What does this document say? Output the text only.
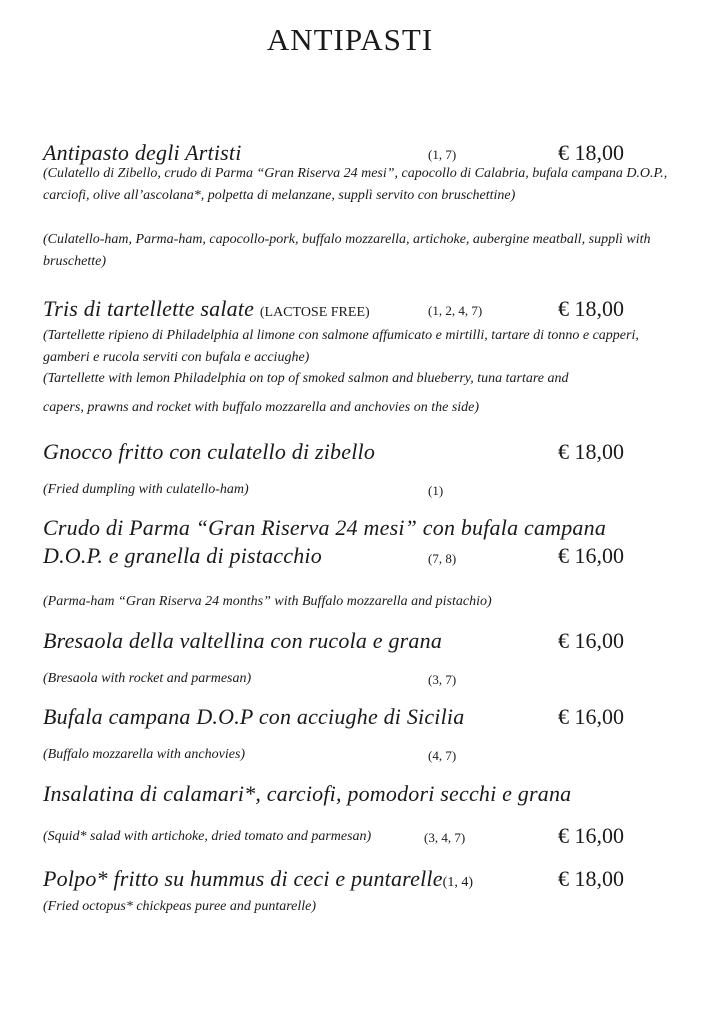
ANTIPASTI
Antipasto degli Artisti	(1, 7)	€ 18,00
(Culatello di Zibello, crudo di Parma “Gran Riserva 24 mesi”, capocollo di Calabria, bufala campana D.O.P., carciofi, olive all’ascolana*, polpetta di melanzane, supplì servito con bruschettine)
(Culatello-ham, Parma-ham, capocollo-pork, buffalo mozzarella, artichoke, aubergine meatball, supplì with bruschette)
Tris di tartellette salate (LACTOSE FREE)	(1, 2, 4, 7)	€ 18,00
(Tartellette ripieno di Philadelphia al limone con salmone affumicato e mirtilli, tartare di tonno e capperi, gamberi e rucola serviti con bufala e acciughe)
(Tartellette with lemon Philadelphia on top of smoked salmon and blueberry, tuna tartare and
capers, prawns and rocket with buffalo mozzarella and anchovies on the side)
Gnocco fritto con culatello di zibello	€ 18,00
(Fried dumpling with culatello-ham)	(1)
Crudo di Parma “Gran Riserva 24 mesi” con bufala campana
D.O.P. e granella di pistacchio	(7, 8)	€ 16,00
(Parma-ham “Gran Riserva 24 months” with Buffalo mozzarella and pistachio)
Bresaola della valtellina con rucola e grana	€ 16,00
(Bresaola with rocket and parmesan)	(3, 7)
Bufala campana D.O.P con acciughe di Sicilia	€ 16,00
(Buffalo mozzarella with anchovies)	(4, 7)
Insalatina di calamari*, carciofi, pomodori secchi e grana
(Squid* salad with artichoke, dried tomato and parmesan)	(3, 4, 7)	€ 16,00
Polpo* fritto su hummus di ceci e puntarelle(1, 4)	€ 18,00
(Fried octopus* chickpeas puree and puntarelle)
